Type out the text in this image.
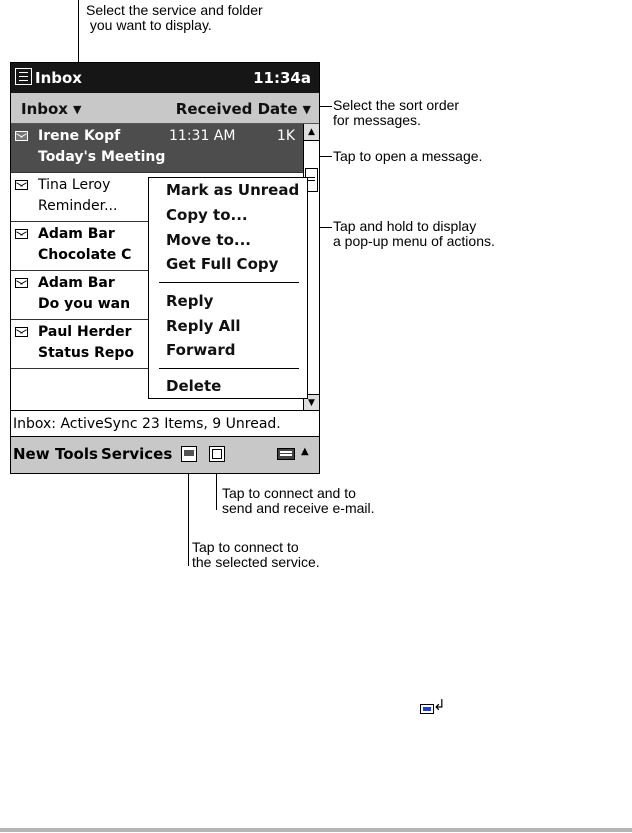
Select the service and folder
you want to display.
Select the sort order
for messages.
Tap to open a message.
Tap and hold to display
a pop-up menu of actions.
Tap to connect and to
send and receive e-mail.
Tap to connect to
the selected service.
Inbox	11:34a
Inbox ▼	Received Date ▼
Irene Kopf	11:31 AM	1K
Today's Meeting
Tina Leroy
Reminder...
Adam Bar
Chocolate C
Adam Bar
Do you wan
Paul Herder
Status Repo
▲
▼
Mark as Unread
Copy to...
Move to...
Get Full Copy
Reply
Reply All
Forward
Delete
Inbox: ActiveSync 23 Items, 9 Unread.
New Tools Services	▲
↲
